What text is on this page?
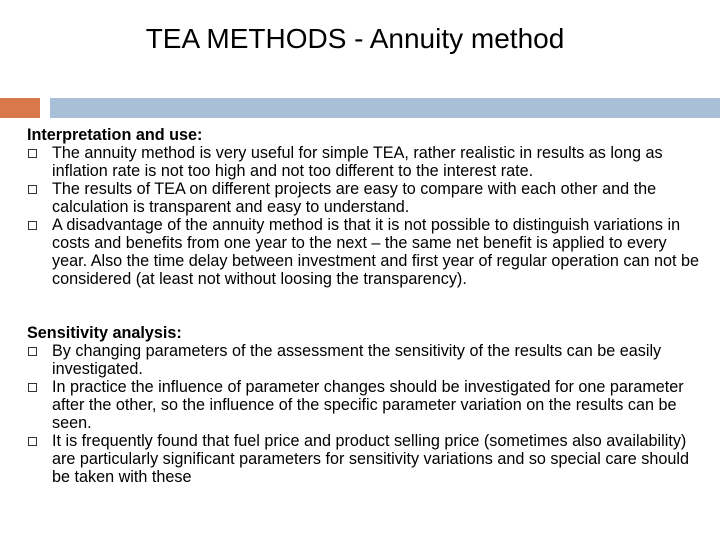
TEA METHODS - Annuity method
Interpretation and use:
The annuity method is very useful for simple TEA, rather realistic in results as long as inflation rate is not too high and not too different to the interest rate.
The results of TEA on different projects are easy to compare with each other and the calculation is transparent and easy to understand.
A disadvantage of the annuity method is that it is not possible to distinguish variations in costs and benefits from one year to the next – the same net benefit is applied to every year. Also the time delay between investment and first year of regular operation can not be considered (at least not without loosing the transparency).
Sensitivity analysis:
By changing parameters of the assessment the sensitivity of the results can be easily investigated.
In practice the influence of parameter changes should be investigated for one parameter after the other, so the influence of the specific parameter variation on the results can be seen.
It is frequently found that fuel price and product selling price (sometimes also availability) are particularly significant parameters for sensitivity variations and so special care should be taken with these
